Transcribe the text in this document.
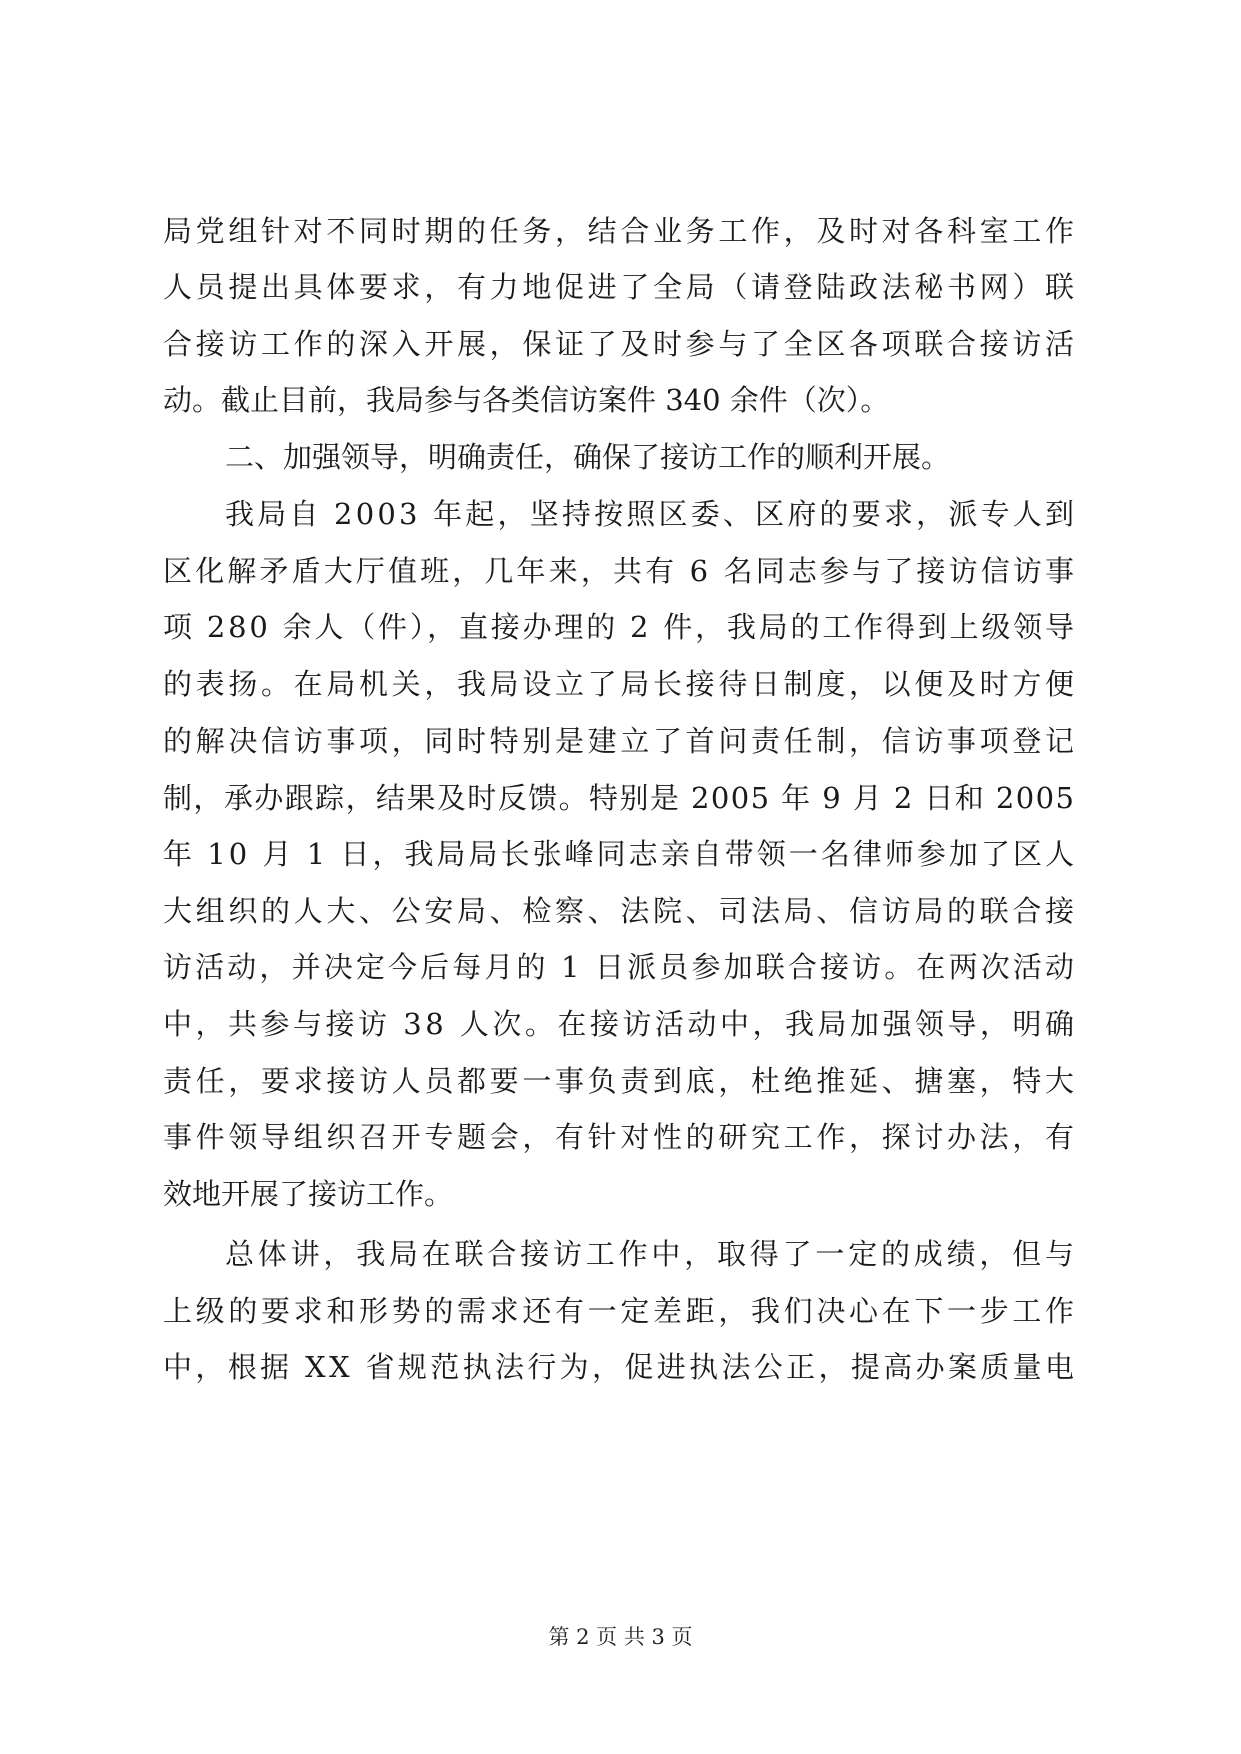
局党组针对不同时期的任务，结合业务工作，及时对各科室工作
人员提出具体要求，有力地促进了全局（请登陆政法秘书网）联
合接访工作的深入开展，保证了及时参与了全区各项联合接访活
动。截止目前，我局参与各类信访案件 340 余件（次）。
二、加强领导，明确责任，确保了接访工作的顺利开展。
我局自 2003 年起，坚持按照区委、区府的要求，派专人到
区化解矛盾大厅值班，几年来，共有 6 名同志参与了接访信访事
项 280 余人（件），直接办理的 2 件，我局的工作得到上级领导
的表扬。在局机关，我局设立了局长接待日制度，以便及时方便
的解决信访事项，同时特别是建立了首问责任制，信访事项登记
制，承办跟踪，结果及时反馈。特别是 2005 年 9 月 2 日和 2005
年 10 月 1 日，我局局长张峰同志亲自带领一名律师参加了区人
大组织的人大、公安局、检察、法院、司法局、信访局的联合接
访活动，并决定今后每月的 1 日派员参加联合接访。在两次活动
中，共参与接访 38 人次。在接访活动中，我局加强领导，明确
责任，要求接访人员都要一事负责到底，杜绝推延、搪塞，特大
事件领导组织召开专题会，有针对性的研究工作，探讨办法，有
效地开展了接访工作。
总体讲，我局在联合接访工作中，取得了一定的成绩，但与
上级的要求和形势的需求还有一定差距，我们决心在下一步工作
中，根据 XX 省规范执法行为，促进执法公正，提高办案质量电
第 2 页 共 3 页
